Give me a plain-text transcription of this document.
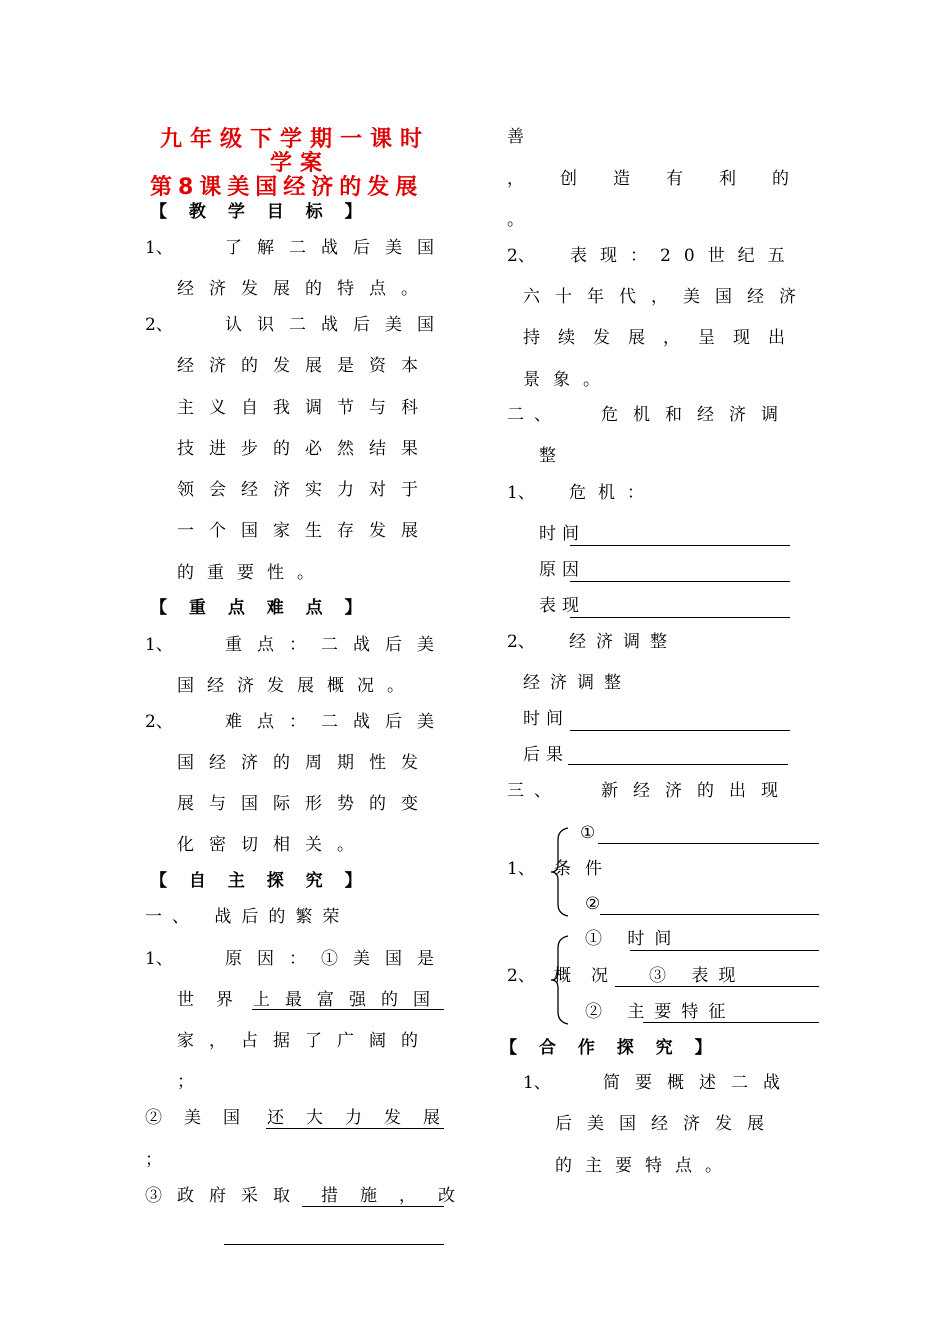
九年级下学期一课时
学案
第8课美国经济的发展
【 教 学 目 标 】
1、	了解二战后美国
经济发展的特点。
2、	认识二战后美国
经济的发展是资本
主义自我调节与科
技进步的必然结果
领会经济实力对于
一个国家生存发展
的重要性。
【 重 点 难 点 】
1、	重点：二战后美
国经济发展概况。
2、	难点：二战后美
国经济的周期性发
展与国际形势的变
化密切相关。
【 自 主 探 究 】
一、 战后的繁荣
1、	原因：①美国是
世界
上最富强的国
家，占据了广阔的
；
②美国 还大力发展
；
③政府采取 措施，改
善
，创造有利的
。
2、 表现：20世纪五
六十年代，美国经济
持续发展，呈现出
景象。
二、 危机和经济调
整
1、 危机：
时间
原因
表现
2、 经济调整
经济调整
时间
后果
三、 新经济的出现
①
1、 条件
②
① 时间
2、 概况 ③ 表现
② 主要特征
【 合 作 探 究 】
1、	简要概述二战
后美国经济发展
的主要特点。
